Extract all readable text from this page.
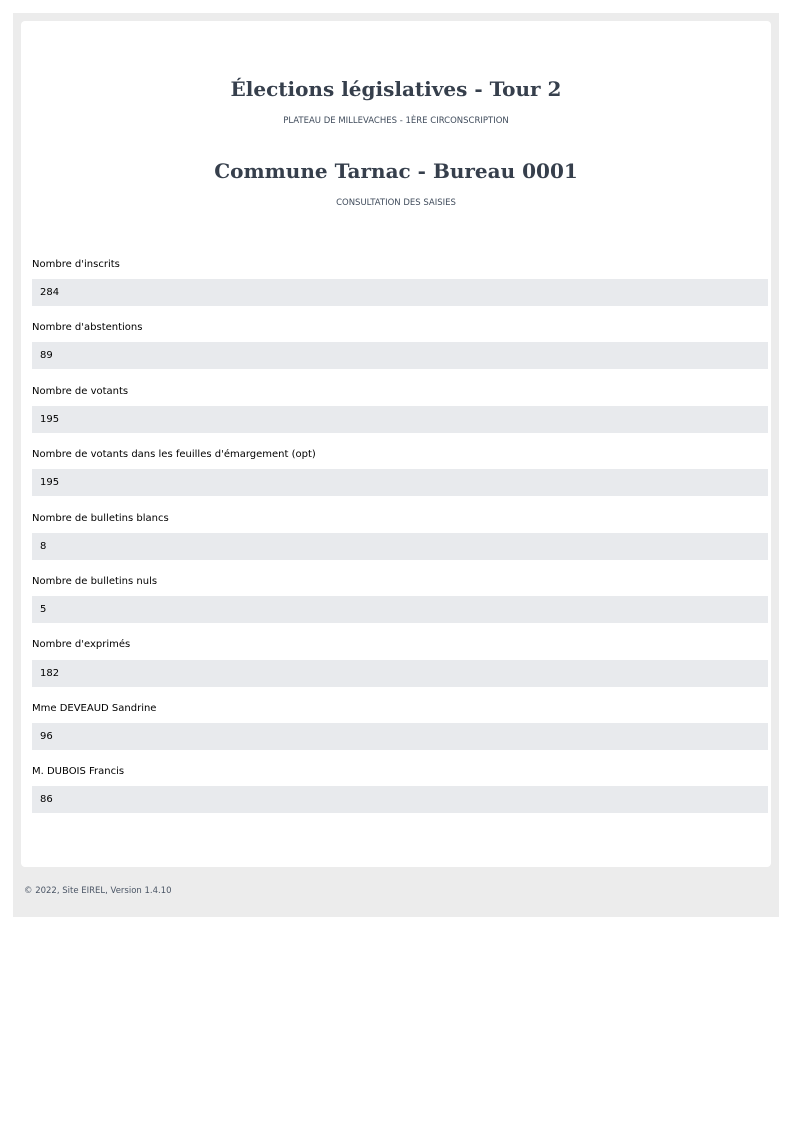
Élections législatives - Tour 2
PLATEAU DE MILLEVACHES - 1ÈRE CIRCONSCRIPTION
Commune Tarnac - Bureau 0001
CONSULTATION DES SAISIES
Nombre d'inscrits
284
Nombre d'abstentions
89
Nombre de votants
195
Nombre de votants dans les feuilles d'émargement (opt)
195
Nombre de bulletins blancs
8
Nombre de bulletins nuls
5
Nombre d'exprimés
182
Mme DEVEAUD Sandrine
96
M. DUBOIS Francis
86
© 2022, Site EIREL, Version 1.4.10
